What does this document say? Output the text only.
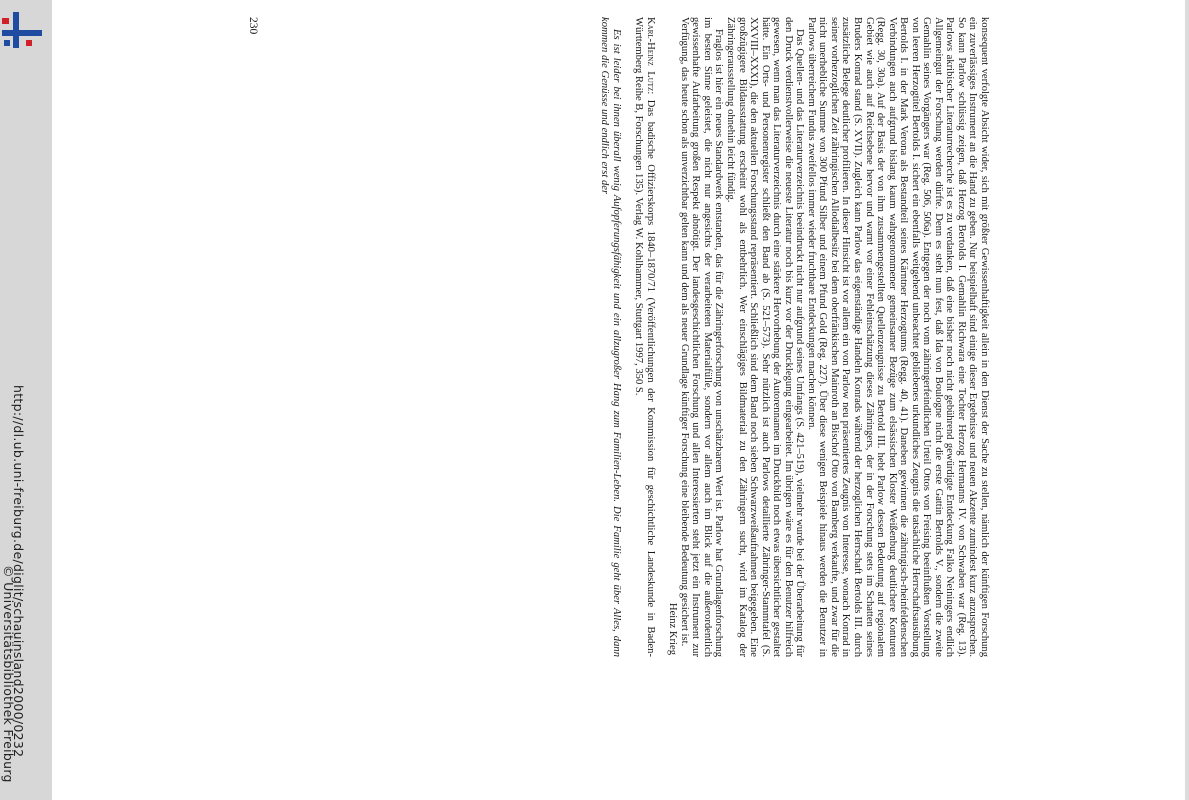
http://dl.ub.uni-freiburg.de/diglit/schauinsland2000/0232
© Universitätsbibliothek Freiburg

konsequent verfolgte Absicht wider, sich mit größter Gewissenhaftigkeit allein in den Dienst der Sache zu stellen, nämlich der künftigen Forschung ein zuverlässiges Instrument an die Hand zu geben. Nur beispielhaft sind einige dieser Ergebnisse und neuen Akzente zumindest kurz anzusprechen. So kann Parlow schlüssig zeigen, daß Herzog Bertolds I. Gemahlin Richwara eine Tochter Herzog Hermanns IV. von Schwaben war (Reg. 13). Parlows akribischer Literaturrecherche ist es zu verdanken, daß eine bisher noch nicht gebührend gewürdigte Entdeckung Falko Neiningers endlich Allgemeingut der Forschung werden dürfte. Denn es steht nun fest, daß Ida von Boulogne nicht die erste Gattin Bertolds V., sondern die zweite Gemahlin seines Vorgängers war (Reg. 506, 506a). Entgegen der noch vom zähringerfeindlichen Urteil Ottos von Freising beeinflußten Vorstellung von leeren Herzogtitel Bertolds I. sichert ein ebenfalls weitgehend unbeachtet gebliebenes urkundliches Zeugnis die tatsächliche Herrschaftsausübung Bertolds I. in der Mark Verona als Bestandteil seines Kärntner Herzogtums (Regg. 40, 41). Daneben gewinnen die zähringisch-rheinfeldenschen Verbindungen auch aufgrund bislang kaum wahrgenommener gemeinsamer Bezüge zum elsässischen Kloster Weißenburg deutlichere Konturen (Regg. 30, 30a). Auf der Basis der von ihm zusammengestellten Quellenzeugnisse zu Bertold III. hebt Parlow dessen Bedeutung auf regionalem Gebiet wie auch auf Reichsebene hervor und warnt vor einer Fehleinschätzung dieses Zähringers, der in der Forschung stets im Schatten seines Bruders Konrad stand (S. XVII). Zugleich kann Parlow das eigenständige Handeln Konrads während der herzoglichen Herrschaft Bertolds III. durch zusätzliche Belege deutlicher profilieren. In dieser Hinsicht ist vor allem ein von Parlow neu präsentiertes Zeugnis von Interesse, wonach Konrad in seiner vorherzoglichen Zeit zähringischen Allodialbesitz bei dem oberfränkischen Mainroth an Bischof Otto von Bamberg verkaufte, und zwar für die nicht unerhebliche Summe von 300 Pfund Silber und einem Pfund Gold (Reg. 227). Über diese wenigen Beispiele hinaus werden die Benutzer in Parlows überreichem Fundus zweifellos immer wieder fruchtbare Entdeckungen machen können.

Das Quellen- und das Literaturverzeichnis beeindruckt nicht nur aufgrund seines Umfangs (S. 421–519), vielmehr wurde bei der Überarbeitung für den Druck verdienstvollerweise die neueste Literatur noch bis kurz vor der Drucklegung eingearbeitet. Im übrigen wäre es für den Benutzer hilfreich gewesen, wenn man das Literaturverzeichnis durch eine stärkere Hervorhebung der Autorennamen im Druckbild noch etwas übersichtlicher gestaltet hätte. Ein Orts- und Personenregister schließt den Band ab (S. 521–573). Sehr nützlich ist auch Parlows detaillierte Zähringer-Stammtafel (S. XXVIII–XXXI), die den aktuellen Forschungsstand repräsentiert. Schließlich sind dem Band noch sieben Schwarzweißaufnahmen beigegeben. Eine großzügigere Bildausstattung erscheint wohl als entbehrlich. Wer einschlägiges Bildmaterial zu den Zähringern sucht, wird im Katalog der Zähringerausstellung ohnehin leicht fündig.

Fraglos ist hier ein neues Standardwerk entstanden, das für die Zähringerforschung von unschätzbarem Wert ist. Parlow hat Grundlagenforschung im besten Sinne geleistet, die nicht nur angesichts der verarbeiteten Materialfülle, sondern vor allem auch im Blick auf die außerordentlich gewissenhafte Aufarbeitung großen Respekt abnötigt. Der landesgeschichtlichen Forschung und allen Interessierten steht jetzt ein Instrument zur Verfügung, das heute schon als unverzichtbar gelten kann und dem als neuer Grundlage künftiger Forschung eine bleibende Bedeutung gesichert ist.

Heinz Krieg

Karl-Heinz Lutz: Das badische Offizierskorps 1840–1870/71 (Veröffentlichungen der Kommission für geschichtliche Landeskunde in Baden-Württemberg Reihe B, Forschungen 135). Verlag W. Kohlhammer, Stuttgart 1997, 350 S.

Es ist leider bei ihnen überall wenig Aufopferungsfähigkeit und ein allzugroßer Hang zum Familien-Leben. Die Familie geht über Alles, dann kommen die Genüsse und endlich erst der

230
